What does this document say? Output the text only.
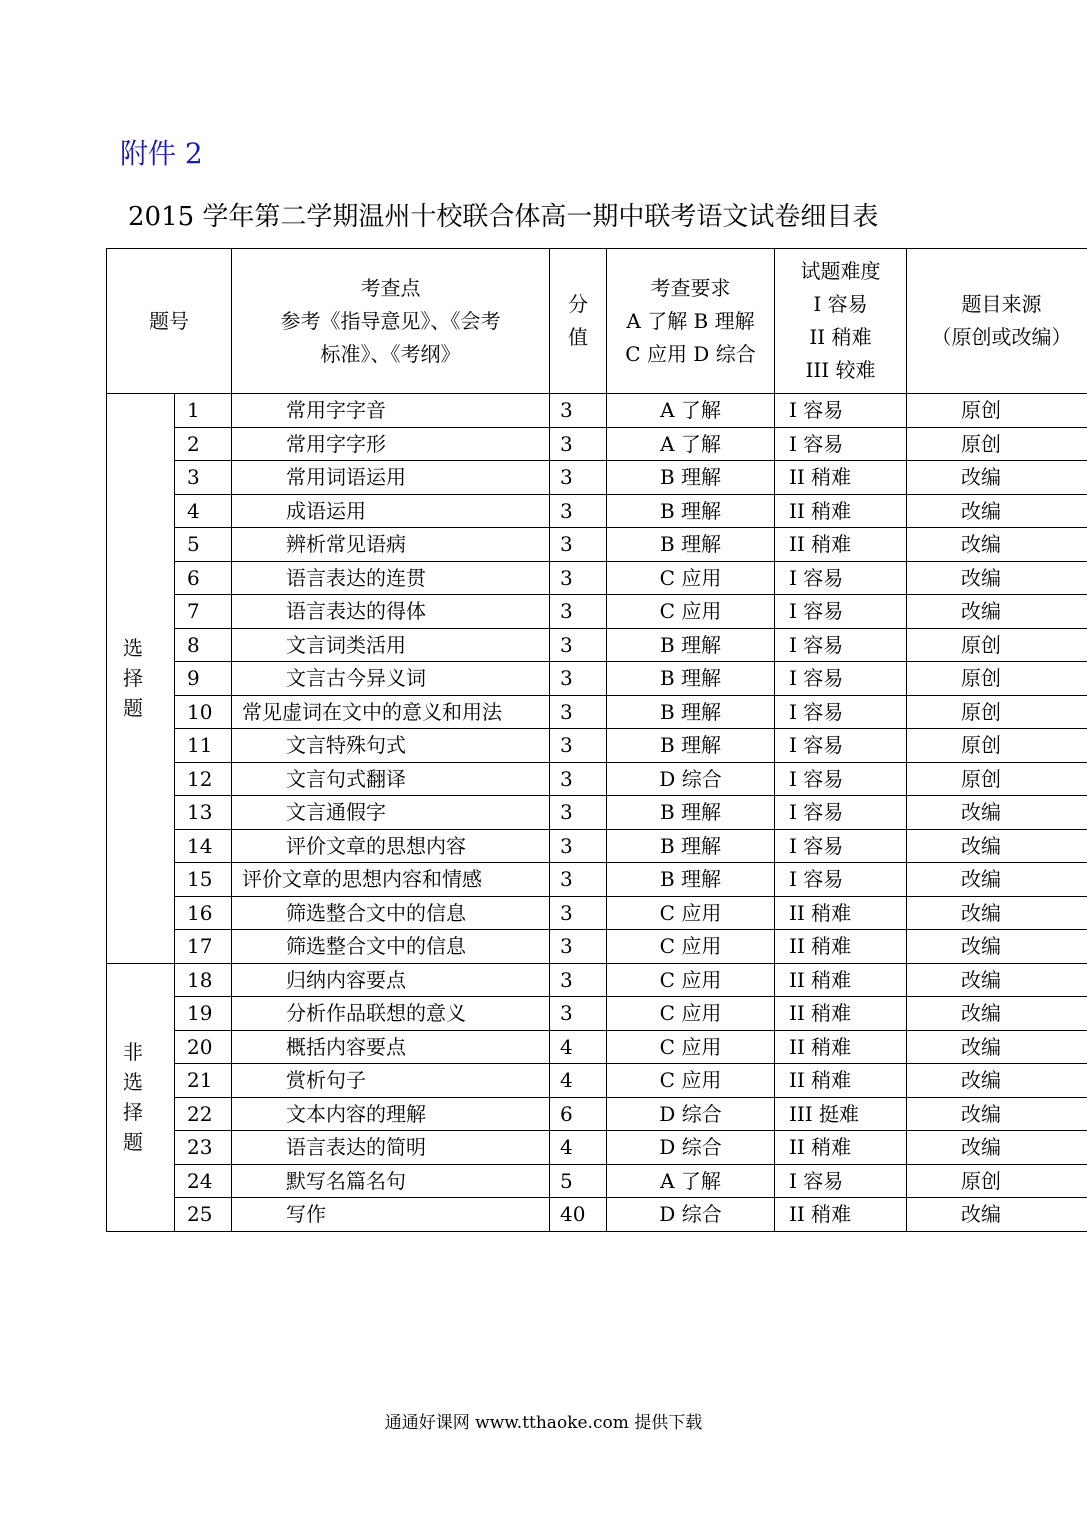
附件 2
2015 学年第二学期温州十校联合体高一期中联考语文试卷细目表
题号		考查点
参考《指导意见》、《会考
标准》、《考纲》	分
值	考查要求
A 了解 B 理解
C 应用 D 综合	试题难度
I 容易
II 稍难
III 较难	题目来源
（原创或改编）

选
择
题	1	常用字字音	3	A 了解	I 容易	原创
	2	常用字字形	3	A 了解	I 容易	原创
	3	常用词语运用	3	B 理解	II 稍难	改编
	4	成语运用	3	B 理解	II 稍难	改编
	5	辨析常见语病	3	B 理解	II 稍难	改编
	6	语言表达的连贯	3	C 应用	I 容易	改编
	7	语言表达的得体	3	C 应用	I 容易	改编
	8	文言词类活用	3	B 理解	I 容易	原创
	9	文言古今异义词	3	B 理解	I 容易	原创
	10	常见虚词在文中的意义和用法	3	B 理解	I 容易	原创
	11	文言特殊句式	3	B 理解	I 容易	原创
	12	文言句式翻译	3	D 综合	I 容易	原创
	13	文言通假字	3	B 理解	I 容易	改编
	14	评价文章的思想内容	3	B 理解	I 容易	改编
	15	评价文章的思想内容和情感	3	B 理解	I 容易	改编
	16	筛选整合文中的信息	3	C 应用	II 稍难	改编
	17	筛选整合文中的信息	3	C 应用	II 稍难	改编

非
选
择
题	18	归纳内容要点	3	C 应用	II 稍难	改编
	19	分析作品联想的意义	3	C 应用	II 稍难	改编
	20	概括内容要点	4	C 应用	II 稍难	改编
	21	赏析句子	4	C 应用	II 稍难	改编
	22	文本内容的理解	6	D 综合	III 挺难	改编
	23	语言表达的简明	4	D 综合	II 稍难	改编
	24	默写名篇名句	5	A 了解	I 容易	原创
	25	写作	40	D 综合	II 稍难	改编
通通好课网 www.tthaoke.com 提供下载
